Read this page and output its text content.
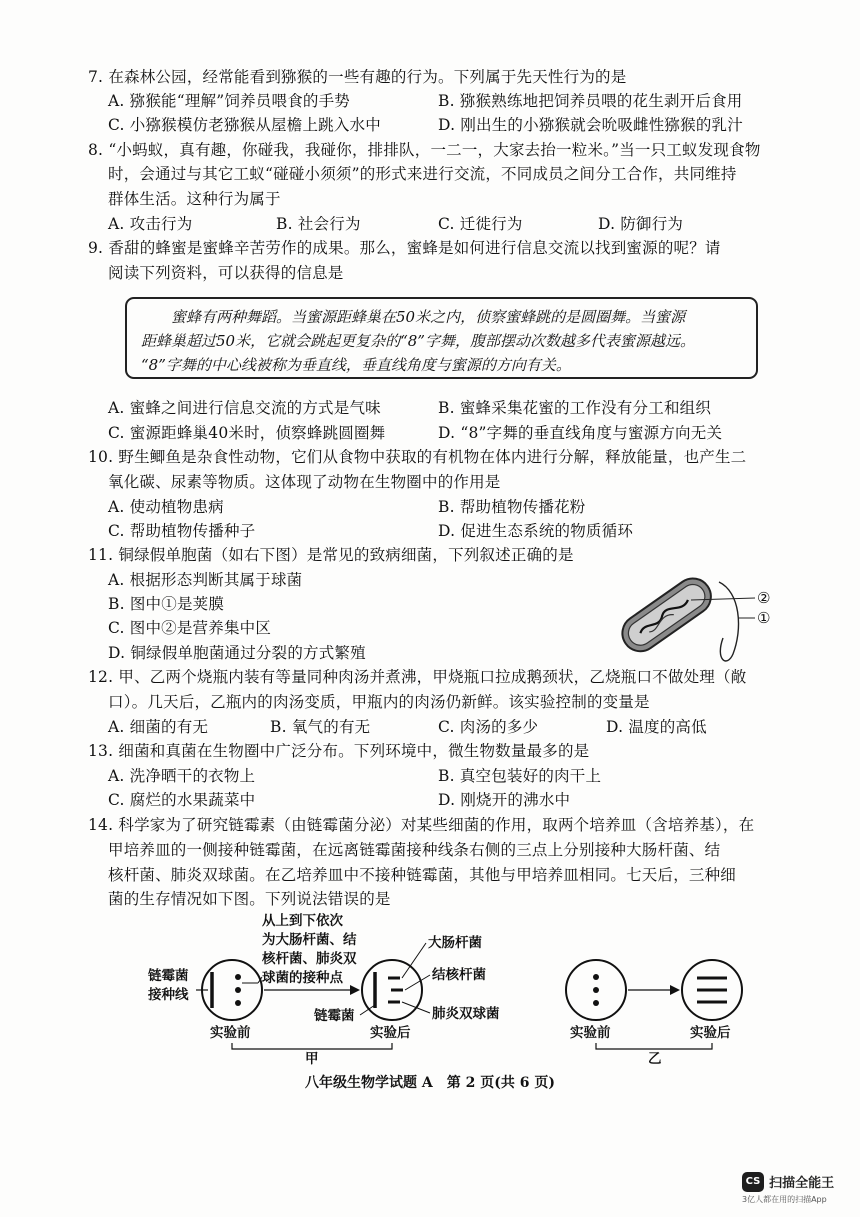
7. 在森林公园，经常能看到猕猴的一些有趣的行为。下列属于先天性行为的是
A. 猕猴能“理解”饲养员喂食的手势	B. 猕猴熟练地把饲养员喂的花生剥开后食用
C. 小猕猴模仿老猕猴从屋檐上跳入水中	D. 刚出生的小猕猴就会吮吸雌性猕猴的乳汁
8. “小蚂蚁，真有趣，你碰我，我碰你，排排队，一二一，大家去抬一粒米。”当一只工蚁发现食物
时，会通过与其它工蚁“碰碰小须须”的形式来进行交流，不同成员之间分工合作，共同维持
群体生活。这种行为属于
A. 攻击行为	B. 社会行为	C. 迁徙行为	D. 防御行为
9. 香甜的蜂蜜是蜜蜂辛苦劳作的成果。那么，蜜蜂是如何进行信息交流以找到蜜源的呢？请
阅读下列资料，可以获得的信息是
蜜蜂有两种舞蹈。当蜜源距蜂巢在50米之内，侦察蜜蜂跳的是圆圈舞。当蜜源
距蜂巢超过50米，它就会跳起更复杂的“8”字舞，腹部摆动次数越多代表蜜源越远。
“8”字舞的中心线被称为垂直线，垂直线角度与蜜源的方向有关。
A. 蜜蜂之间进行信息交流的方式是气味	B. 蜜蜂采集花蜜的工作没有分工和组织
C. 蜜源距蜂巢40米时，侦察蜂跳圆圈舞	D. “8”字舞的垂直线角度与蜜源方向无关
10. 野生鲫鱼是杂食性动物，它们从食物中获取的有机物在体内进行分解，释放能量，也产生二
氧化碳、尿素等物质。这体现了动物在生物圈中的作用是
A. 使动植物患病	B. 帮助植物传播花粉
C. 帮助植物传播种子	D. 促进生态系统的物质循环
11. 铜绿假单胞菌（如右下图）是常见的致病细菌，下列叙述正确的是
A. 根据形态判断其属于球菌
B. 图中①是荚膜
C. 图中②是营养集中区
D. 铜绿假单胞菌通过分裂的方式繁殖
②
①
12. 甲、乙两个烧瓶内装有等量同种肉汤并煮沸，甲烧瓶口拉成鹅颈状，乙烧瓶口不做处理（敞
口）。几天后，乙瓶内的肉汤变质，甲瓶内的肉汤仍新鲜。该实验控制的变量是
A. 细菌的有无	B. 氧气的有无	C. 肉汤的多少	D. 温度的高低
13. 细菌和真菌在生物圈中广泛分布。下列环境中，微生物数量最多的是
A. 洗净晒干的衣物上	B. 真空包装好的肉干上
C. 腐烂的水果蔬菜中	D. 刚烧开的沸水中
14. 科学家为了研究链霉素（由链霉菌分泌）对某些细菌的作用，取两个培养皿（含培养基），在
甲培养皿的一侧接种链霉菌，在远离链霉菌接种线条右侧的三点上分别接种大肠杆菌、结
核杆菌、肺炎双球菌。在乙培养皿中不接种链霉菌，其他与甲培养皿相同。七天后，三种细
菌的生存情况如下图。下列说法错误的是
从上到下依次
为大肠杆菌、结
核杆菌、肺炎双
球菌的接种点
链霉菌
接种线
大肠杆菌
结核杆菌
肺炎双球菌
链霉菌
实验前	实验后
甲
实验前	实验后
乙
八年级生物学试题 A　第 2 页(共 6 页)
CS 扫描全能王
3亿人都在用的扫描App
